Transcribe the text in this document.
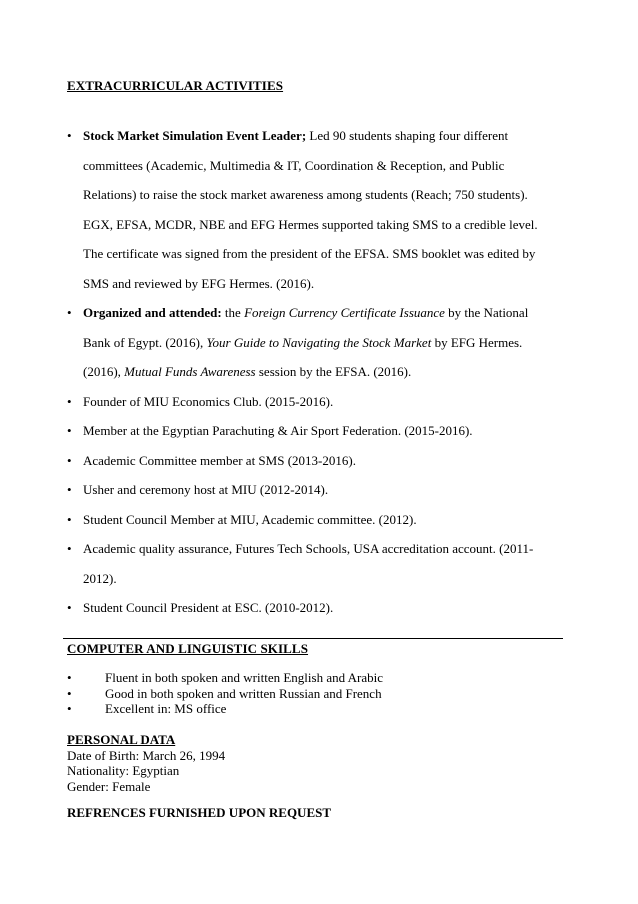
EXTRACURRICULAR ACTIVITIES
• Stock Market Simulation Event Leader; Led 90 students shaping four different committees (Academic, Multimedia & IT, Coordination & Reception, and Public Relations) to raise the stock market awareness among students (Reach; 750 students). EGX, EFSA, MCDR, NBE and EFG Hermes supported taking SMS to a credible level. The certificate was signed from the president of the EFSA. SMS booklet was edited by SMS and reviewed by EFG Hermes. (2016).
• Organized and attended: the Foreign Currency Certificate Issuance by the National Bank of Egypt. (2016), Your Guide to Navigating the Stock Market by EFG Hermes. (2016), Mutual Funds Awareness session by the EFSA. (2016).
• Founder of MIU Economics Club. (2015-2016).
• Member at the Egyptian Parachuting & Air Sport Federation. (2015-2016).
• Academic Committee member at SMS (2013-2016).
• Usher and ceremony host at MIU (2012-2014).
• Student Council Member at MIU, Academic committee. (2012).
• Academic quality assurance, Futures Tech Schools, USA accreditation account. (2011-2012).
• Student Council President at ESC. (2010-2012).
COMPUTER AND LINGUISTIC SKILLS
•	Fluent in both spoken and written English and Arabic
•	Good in both spoken and written Russian and French
•	Excellent in: MS office
PERSONAL DATA
Date of Birth: March 26, 1994
Nationality: Egyptian
Gender: Female
REFRENCES FURNISHED UPON REQUEST
